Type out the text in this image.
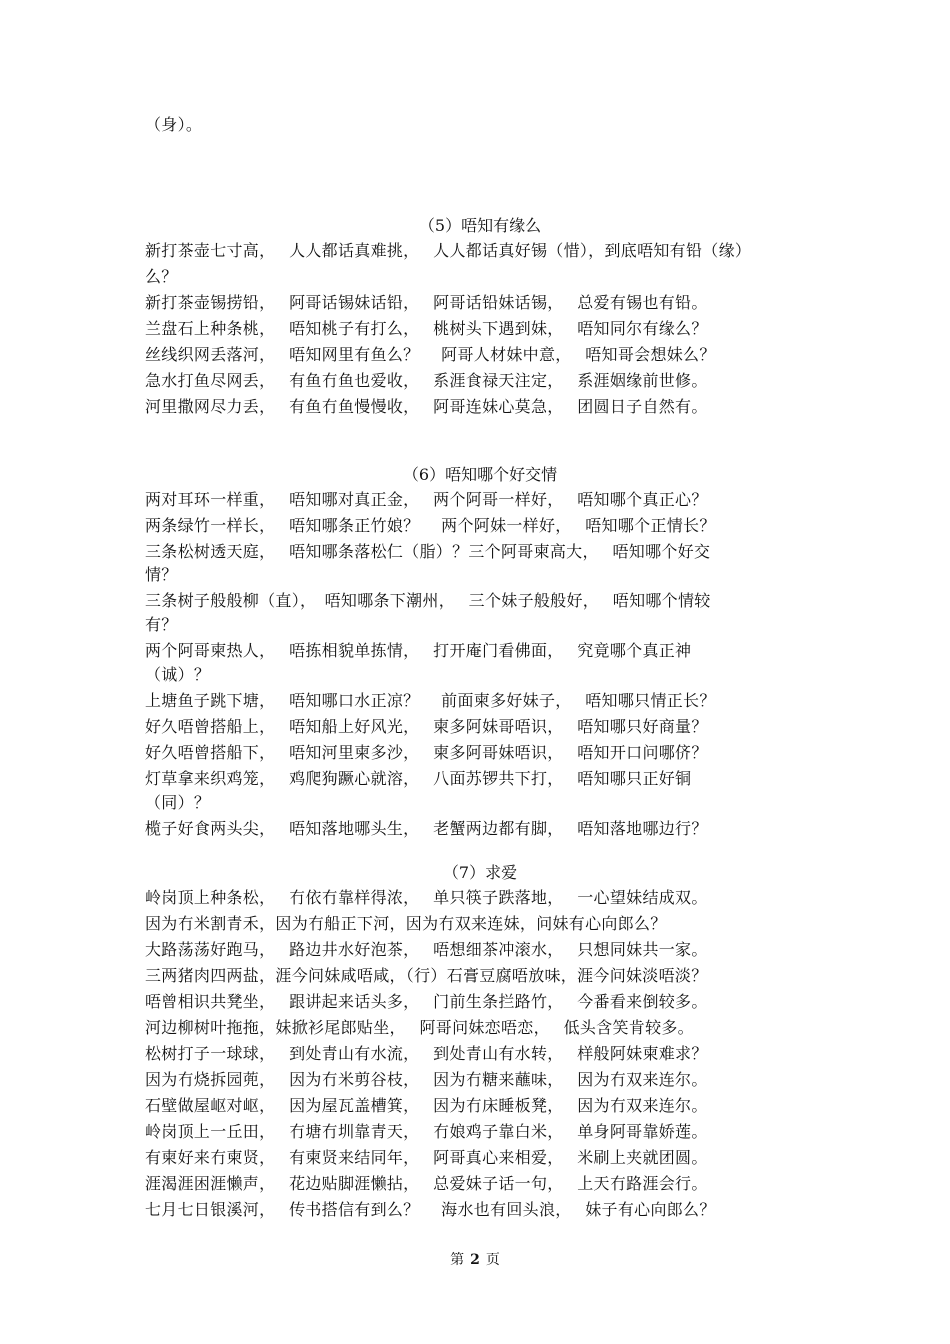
（身）。
（5）唔知有缘么
新打茶壶七寸高，　 人人都话真难挑，　 人人都话真好锡（惜），到底唔知有铅（缘）
么？
新打茶壶锡捞铅，　 阿哥话锡妹话铅，　 阿哥话铅妹话锡，　 总爱有锡也有铅。
兰盘石上种条桃，　 唔知桃子有打么，　 桃树头下遇到妹，　 唔知同尔有缘么？
丝线织网丢落河，　 唔知网里有鱼么？　 阿哥人材妹中意，　 唔知哥会想妹么？
急水打鱼尽网丢，　 有鱼冇鱼也爱收，　 系涯食禄天注定，　 系涯姻缘前世修。
河里撒网尽力丢，　 有鱼冇鱼慢慢收，　 阿哥连妹心莫急，　 团圆日子自然有。
（6）唔知哪个好交情
两对耳环一样重，　 唔知哪对真正金，　 两个阿哥一样好，　 唔知哪个真正心？
两条绿竹一样长，　 唔知哪条正竹娘？　 两个阿妹一样好，　 唔知哪个正情长？
三条松树透天庭，　 唔知哪条落松仁（脂）？三个阿哥柬高大，　 唔知哪个好交
情？
三条树子般般柳（直），　唔知哪条下潮州，　 三个妹子般般好，　 唔知哪个情较
有？
两个阿哥柬热人，　 唔拣相貌单拣情，　 打开庵门看佛面，　 究竟哪个真正神
（诚）？
上塘鱼子跳下塘，　 唔知哪口水正凉？　 前面柬多好妹子，　 唔知哪只情正长？
好久唔曾搭船上，　 唔知船上好风光，　 柬多阿妹哥唔识，　 唔知哪只好商量？
好久唔曾搭船下，　 唔知河里柬多沙，　 柬多阿哥妹唔识，　 唔知开口问哪侪？
灯草拿来织鸡笼，　 鸡爬狗蹶心就溶，　 八面苏锣共下打，　 唔知哪只正好铜
（同）？
榄子好食两头尖，　 唔知落地哪头生，　 老蟹两边都有脚，　 唔知落地哪边行？
（7）求爱
岭岗顶上种条松，　 冇依冇靠样得浓，　 单只筷子跌落地，　 一心望妹结成双。
因为冇米割青禾，因为冇船正下河，因为冇双来连妹，问妹有心向郎么？
大路荡荡好跑马，　 路边井水好泡茶，　 唔想细茶冲滚水，　 只想同妹共一家。
三两猪肉四两盐，涯今问妹咸唔咸，（行）石膏豆腐唔放味，涯今问妹淡唔淡？
唔曾相识共凳坐，　 跟讲起来话头多，　 门前生条拦路竹，　 今番看来倒较多。
河边柳树叶拖拖，妹掀衫尾郎贴坐，　 阿哥问妹恋唔恋，　 低头含笑肯较多。
松树打子一球球，　 到处青山有水流，　 到处青山有水转，　 样般阿妹柬难求？
因为冇烧拆园蔸，　 因为冇米剪谷枝，　 因为冇糖来蘸味，　 因为冇双来连尔。
石壁做屋岖对岖，　 因为屋瓦盖槽箕，　 因为冇床睡板凳，　 因为冇双来连尔。
岭岗顶上一丘田，　 冇塘冇圳靠青天，　 冇娘鸡子靠白米，　 单身阿哥靠娇莲。
有柬好来冇柬贤，　 有柬贤来结同年，　 阿哥真心来相爱，　 米刷上夹就团圆。
涯渴涯困涯懒声，　 花边贴脚涯懒拈，　 总爱妹子话一句，　 上天冇路涯会行。
七月七日银溪河，　 传书搭信有到么？　 海水也有回头浪，　 妹子有心向郎么？
第 2 页
